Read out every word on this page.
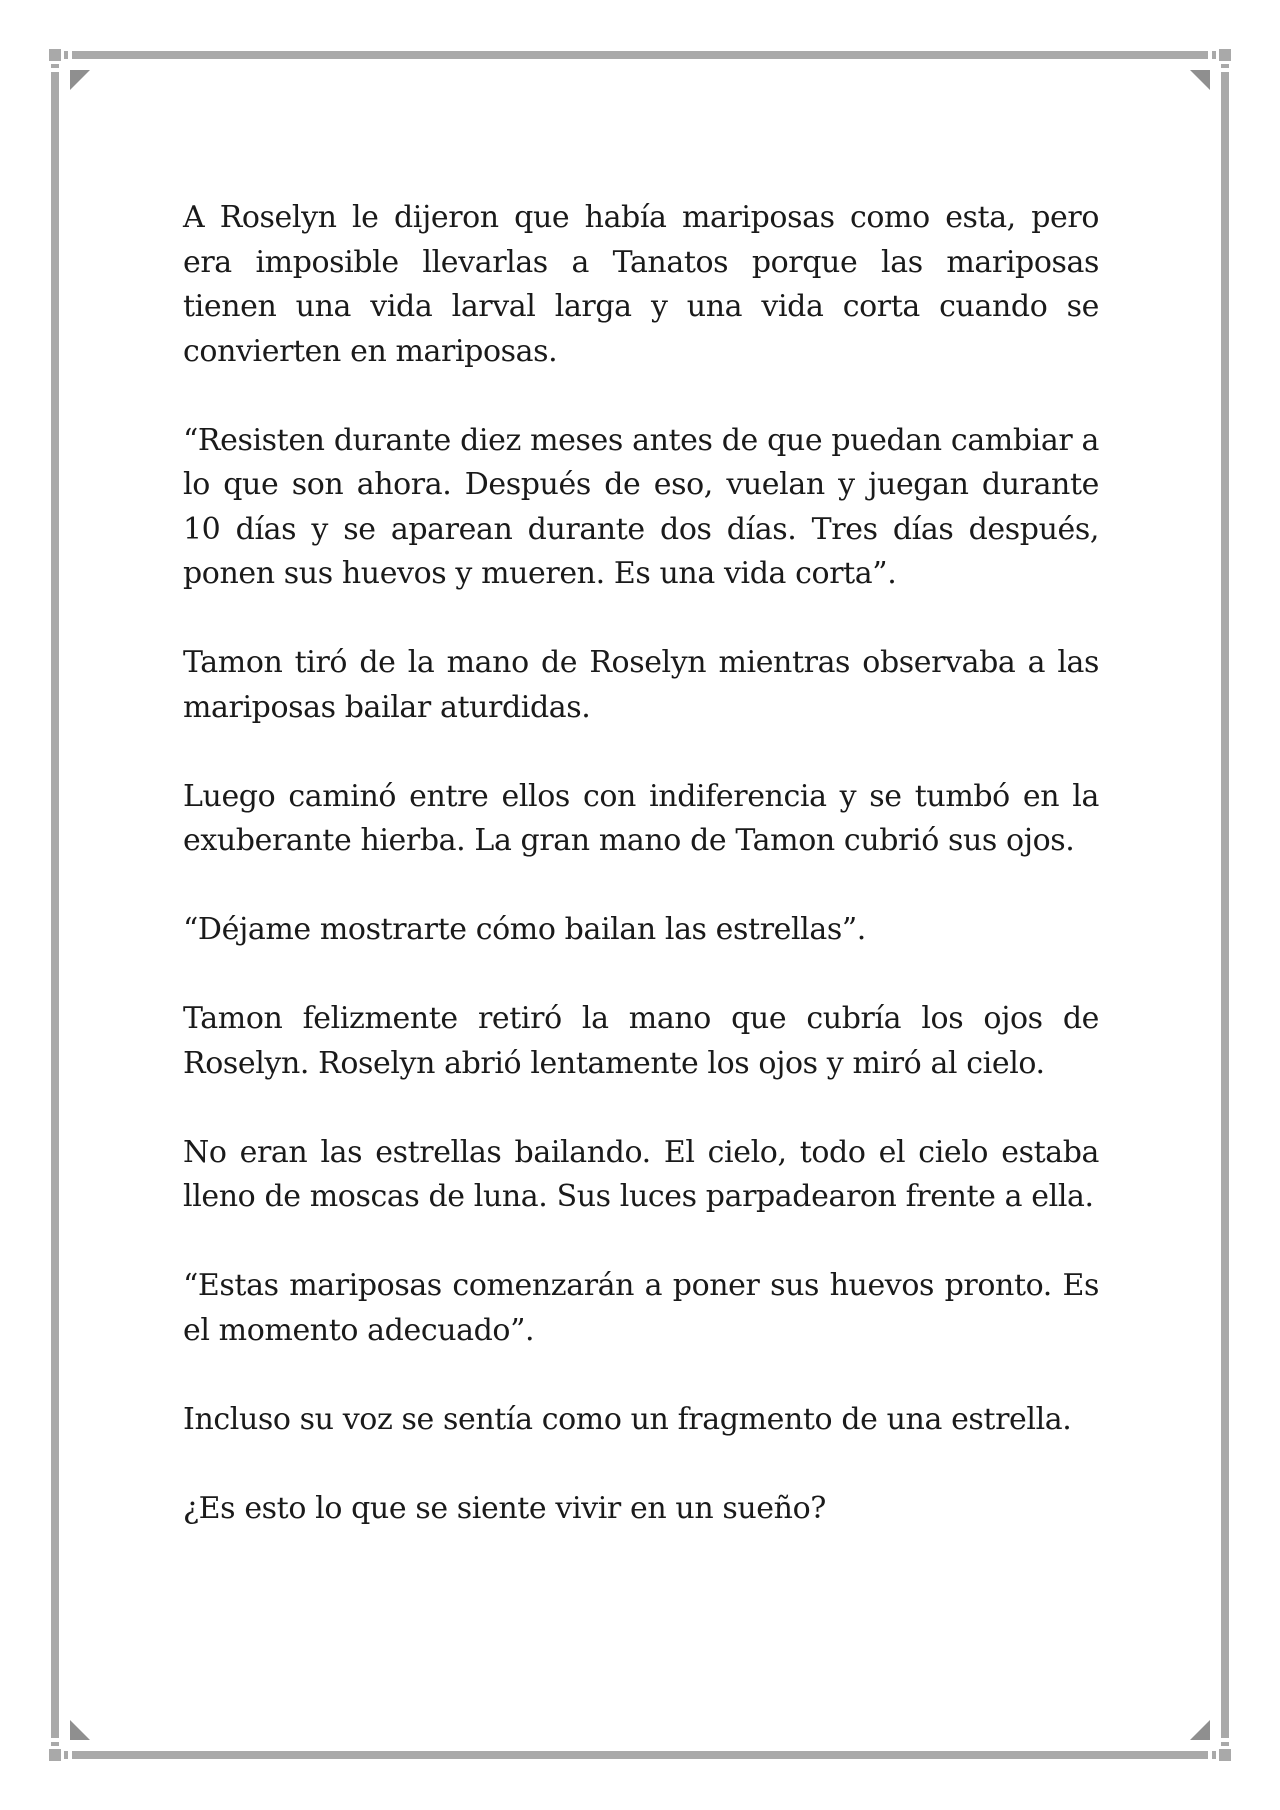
A Roselyn le dijeron que había mariposas como esta, pero era imposible llevarlas a Tanatos porque las mariposas tienen una vida larval larga y una vida corta cuando se convierten en mariposas.

“Resisten durante diez meses antes de que puedan cambiar a lo que son ahora. Después de eso, vuelan y juegan durante 10 días y se aparean durante dos días. Tres días después, ponen sus huevos y mueren. Es una vida corta”.

Tamon tiró de la mano de Roselyn mientras observaba a las mariposas bailar aturdidas.

Luego caminó entre ellos con indiferencia y se tumbó en la exuberante hierba. La gran mano de Tamon cubrió sus ojos.

“Déjame mostrarte cómo bailan las estrellas”.

Tamon felizmente retiró la mano que cubría los ojos de Roselyn. Roselyn abrió lentamente los ojos y miró al cielo.

No eran las estrellas bailando. El cielo, todo el cielo estaba lleno de moscas de luna. Sus luces parpadearon frente a ella.

“Estas mariposas comenzarán a poner sus huevos pronto. Es el momento adecuado”.

Incluso su voz se sentía como un fragmento de una estrella.

¿Es esto lo que se siente vivir en un sueño?
